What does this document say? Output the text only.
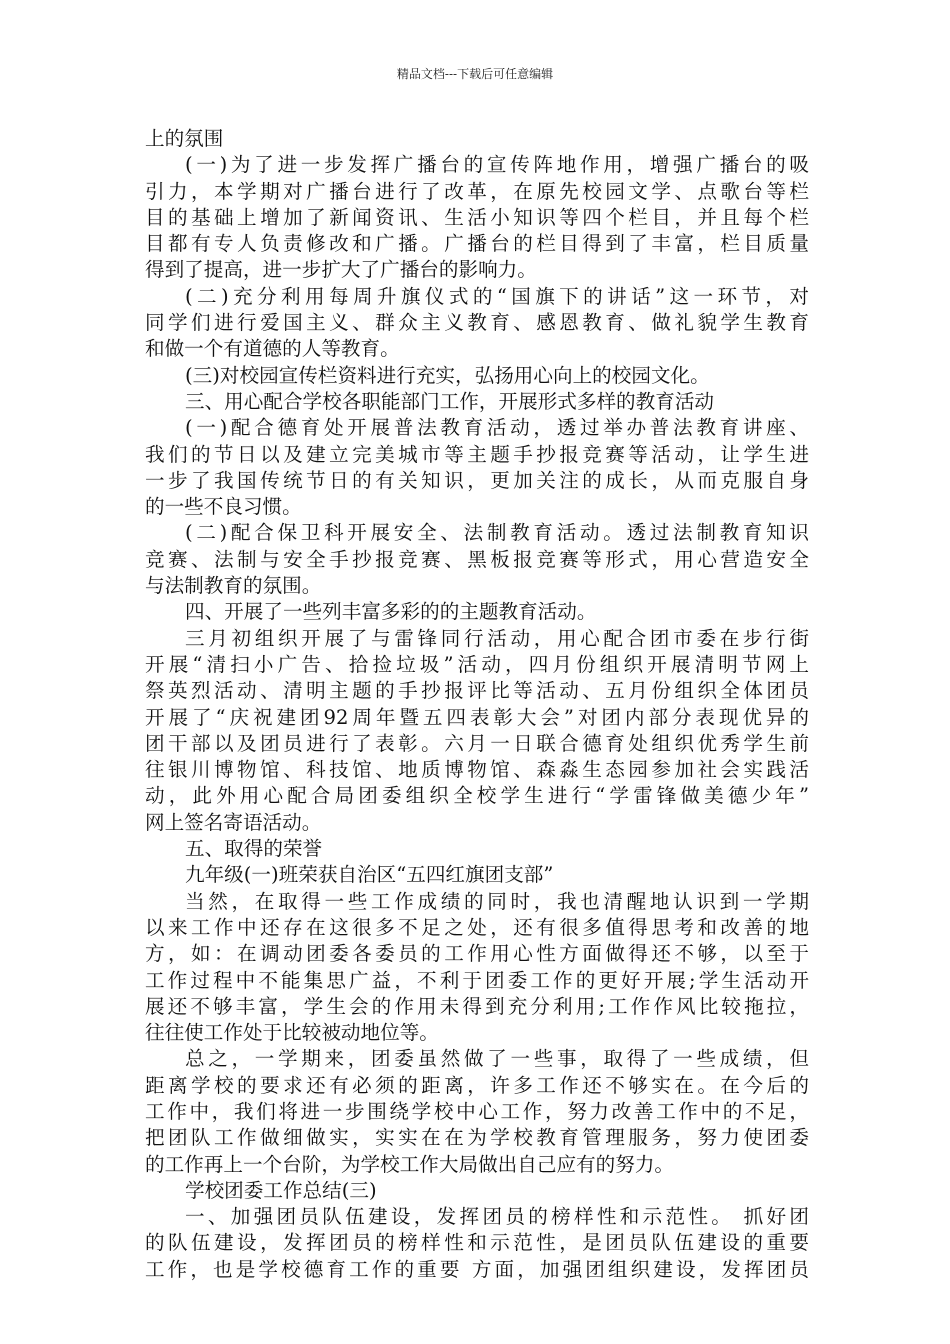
精品文档---下载后可任意编辑
上的氛围
(一)为了进一步发挥广播台的宣传阵地作用，增强广播台的吸
引力，本学期对广播台进行了改革，在原先校园文学、点歌台等栏
目的基础上增加了新闻资讯、生活小知识等四个栏目，并且每个栏
目都有专人负责修改和广播。广播台的栏目得到了丰富，栏目质量
得到了提高，进一步扩大了广播台的影响力。
(二)充分利用每周升旗仪式的“国旗下的讲话”这一环节，对
同学们进行爱国主义、群众主义教育、感恩教育、做礼貌学生教育
和做一个有道德的人等教育。
(三)对校园宣传栏资料进行充实，弘扬用心向上的校园文化。
三、用心配合学校各职能部门工作，开展形式多样的教育活动
(一)配合德育处开展普法教育活动，透过举办普法教育讲座、
我们的节日以及建立完美城市等主题手抄报竞赛等活动，让学生进
一步了我国传统节日的有关知识，更加关注的成长，从而克服自身
的一些不良习惯。
(二)配合保卫科开展安全、法制教育活动。透过法制教育知识
竞赛、法制与安全手抄报竞赛、黑板报竞赛等形式，用心营造安全
与法制教育的氛围。
四、开展了一些列丰富多彩的的主题教育活动。
三月初组织开展了与雷锋同行活动，用心配合团市委在步行街
开展“清扫小广告、拾捡垃圾”活动，四月份组织开展清明节网上
祭英烈活动、清明主题的手抄报评比等活动、五月份组织全体团员
开展了“庆祝建团92周年暨五四表彰大会”对团内部分表现优异的
团干部以及团员进行了表彰。六月一日联合德育处组织优秀学生前
往银川博物馆、科技馆、地质博物馆、森淼生态园参加社会实践活
动，此外用心配合局团委组织全校学生进行“学雷锋做美德少年”
网上签名寄语活动。
五、取得的荣誉
九年级(一)班荣获自治区“五四红旗团支部”
当然，在取得一些工作成绩的同时，我也清醒地认识到一学期
以来工作中还存在这很多不足之处，还有很多值得思考和改善的地
方，如：在调动团委各委员的工作用心性方面做得还不够，以至于
工作过程中不能集思广益，不利于团委工作的更好开展;学生活动开
展还不够丰富，学生会的作用未得到充分利用;工作作风比较拖拉，
往往使工作处于比较被动地位等。
总之，一学期来，团委虽然做了一些事，取得了一些成绩，但
距离学校的要求还有必须的距离，许多工作还不够实在。在今后的
工作中，我们将进一步围绕学校中心工作，努力改善工作中的不足，
把团队工作做细做实，实实在在为学校教育管理服务，努力使团委
的工作再上一个台阶，为学校工作大局做出自己应有的努力。
学校团委工作总结(三)
一、加强团员队伍建设，发挥团员的榜样性和示范性。 抓好团
的队伍建设，发挥团员的榜样性和示范性，是团员队伍建设的重要
工作，也是学校德育工作的重要 方面，加强团组织建设，发挥团员
